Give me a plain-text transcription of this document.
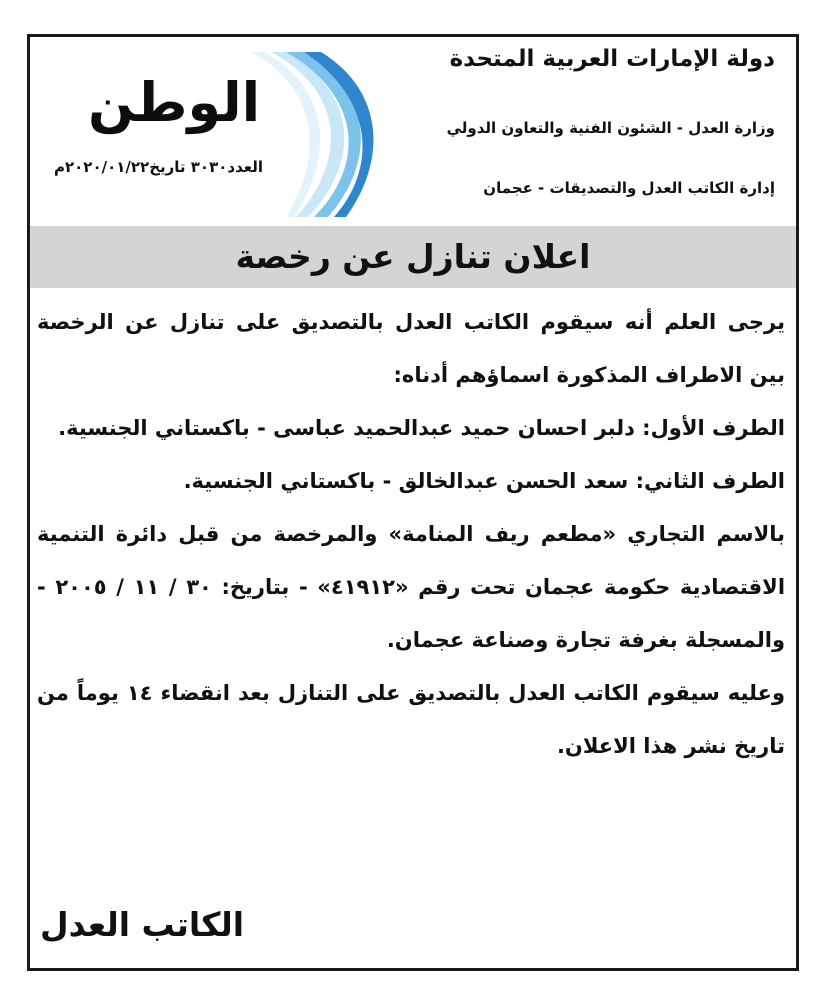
دولة الإمارات العربية المتحدة
وزارة العدل - الشئون الفنية والتعاون الدولي
إدارة الكاتب العدل والتصديقات - عجمان
الوطن
العدد٣٠٣٠ تاريخ٢٠٢٠/٠١/٢٢م
اعلان تنازل عن رخصة

يرجى العلم أنه سيقوم الكاتب العدل بالتصديق على تنازل عن الرخصة بين الاطراف المذكورة اسماؤهم أدناه:

الطرف الأول: دلبر احسان حميد عبدالحميد عباسى - باكستاني الجنسية.

الطرف الثاني: سعد الحسن عبدالخالق - باكستاني الجنسية.

بالاسم التجاري «مطعم ريف المنامة» والمرخصة من قبل دائرة التنمية الاقتصادية حكومة عجمان تحت رقم «٤١٩١٢» - بتاريخ: ٣٠ / ١١ / ٢٠٠٥ - والمسجلة بغرفة تجارة وصناعة عجمان.

وعليه سيقوم الكاتب العدل بالتصديق على التنازل بعد انقضاء ١٤ يوماً من تاريخ نشر هذا الاعلان.

الكاتب العدل
